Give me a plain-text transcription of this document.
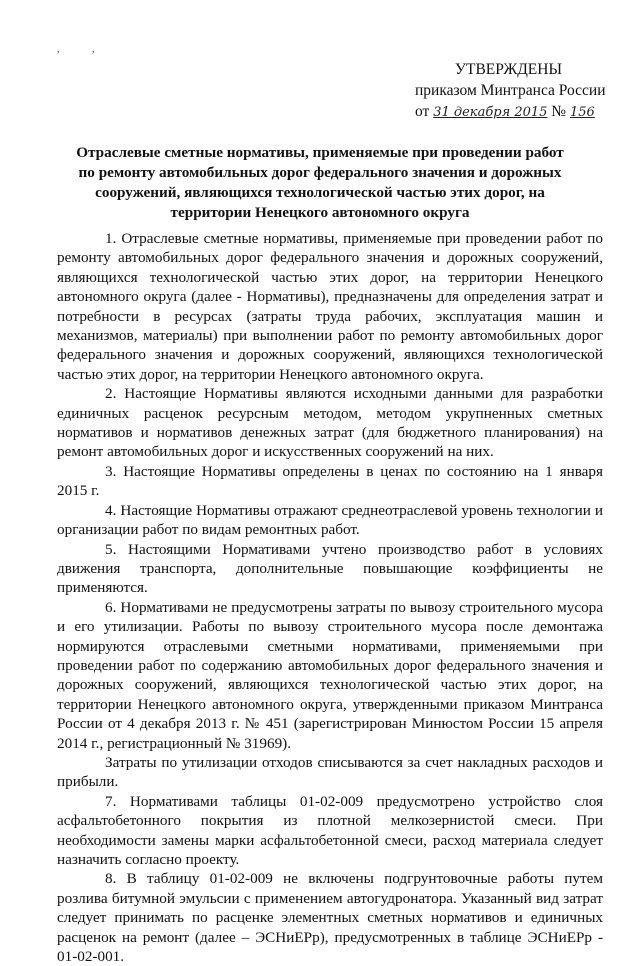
,	,
УТВЕРЖДЕНЫ
приказом Минтранса России
от 31 декабря 2015 № 156
Отраслевые сметные нормативы, применяемые при проведении работ по ремонту автомобильных дорог федерального значения и дорожных сооружений, являющихся технологической частью этих дорог, на территории Ненецкого автономного округа

1. Отраслевые сметные нормативы, применяемые при проведении работ по ремонту автомобильных дорог федерального значения и дорожных сооружений, являющихся технологической частью этих дорог, на территории Ненецкого автономного округа (далее - Нормативы), предназначены для определения затрат и потребности в ресурсах (затраты труда рабочих, эксплуатация машин и механизмов, материалы) при выполнении работ по ремонту автомобильных дорог федерального значения и дорожных сооружений, являющихся технологической частью этих дорог, на территории Ненецкого автономного округа.

2. Настоящие Нормативы являются исходными данными для разработки единичных расценок ресурсным методом, методом укрупненных сметных нормативов и нормативов денежных затрат (для бюджетного планирования) на ремонт автомобильных дорог и искусственных сооружений на них.

3. Настоящие Нормативы определены в ценах по состоянию на 1 января 2015 г.

4. Настоящие Нормативы отражают среднеотраслевой уровень технологии и организации работ по видам ремонтных работ.

5. Настоящими Нормативами учтено производство работ в условиях движения транспорта, дополнительные повышающие коэффициенты не применяются.

6. Нормативами не предусмотрены затраты по вывозу строительного мусора и его утилизации. Работы по вывозу строительного мусора после демонтажа нормируются отраслевыми сметными нормативами, применяемыми при проведении работ по содержанию автомобильных дорог федерального значения и дорожных сооружений, являющихся технологической частью этих дорог, на территории Ненецкого автономного округа, утвержденными приказом Минтранса России от 4 декабря 2013 г. № 451 (зарегистрирован Минюстом России 15 апреля 2014 г., регистрационный № 31969).

Затраты по утилизации отходов списываются за счет накладных расходов и прибыли.

7. Нормативами таблицы 01-02-009 предусмотрено устройство слоя асфальтобетонного покрытия из плотной мелкозернистой смеси. При необходимости замены марки асфальтобетонной смеси, расход материала следует назначить согласно проекту.

8. В таблицу 01-02-009 не включены подгрунтовочные работы путем розлива битумной эмульсии с применением автогудронатора. Указанный вид затрат следует принимать по расценке элементных сметных нормативов и единичных расценок на ремонт (далее – ЭСНиЕРр), предусмотренных в таблице ЭСНиЕРр - 01-02-001.
